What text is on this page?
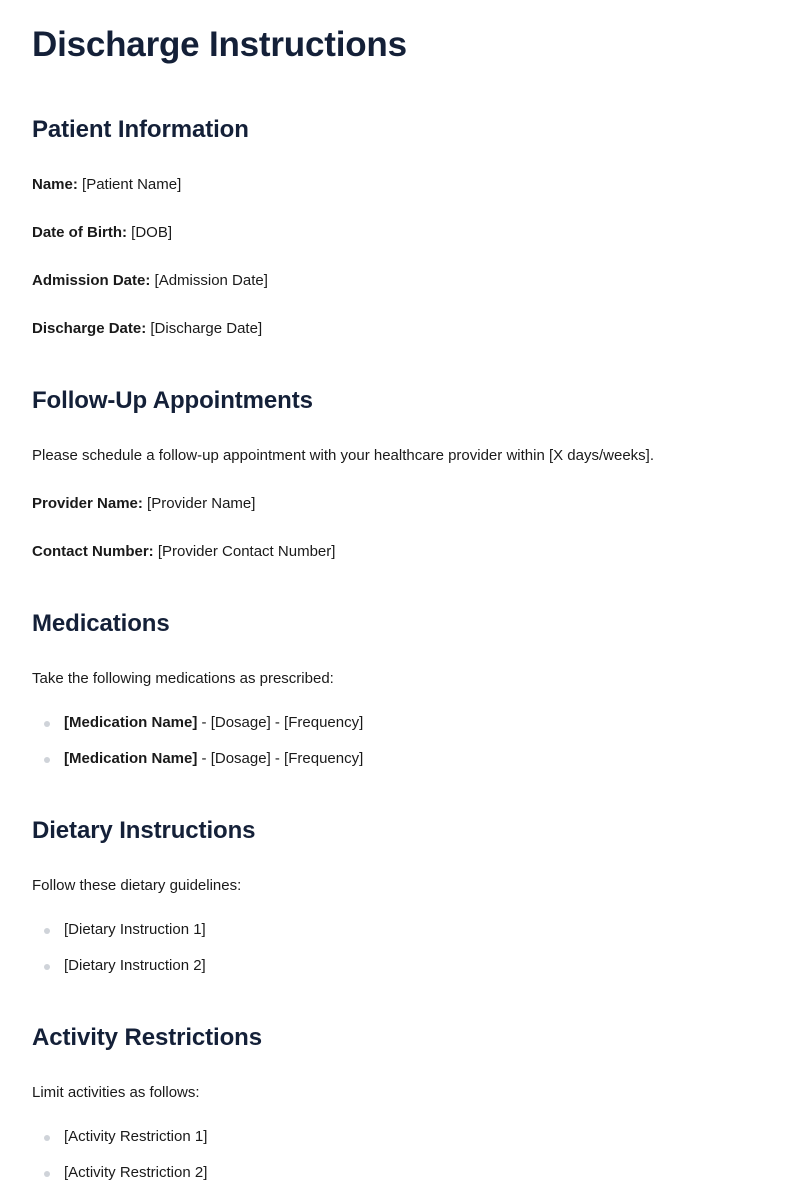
Discharge Instructions
Patient Information

Name: [Patient Name]

Date of Birth: [DOB]

Admission Date: [Admission Date]

Discharge Date: [Discharge Date]

Follow-Up Appointments

Please schedule a follow-up appointment with your healthcare provider within [X days/weeks].

Provider Name: [Provider Name]

Contact Number: [Provider Contact Number]

Medications

Take the following medications as prescribed:

[Medication Name] - [Dosage] - [Frequency]
[Medication Name] - [Dosage] - [Frequency]
Dietary Instructions

Follow these dietary guidelines:

[Dietary Instruction 1]
[Dietary Instruction 2]
Activity Restrictions

Limit activities as follows:

[Activity Restriction 1]
[Activity Restriction 2]
